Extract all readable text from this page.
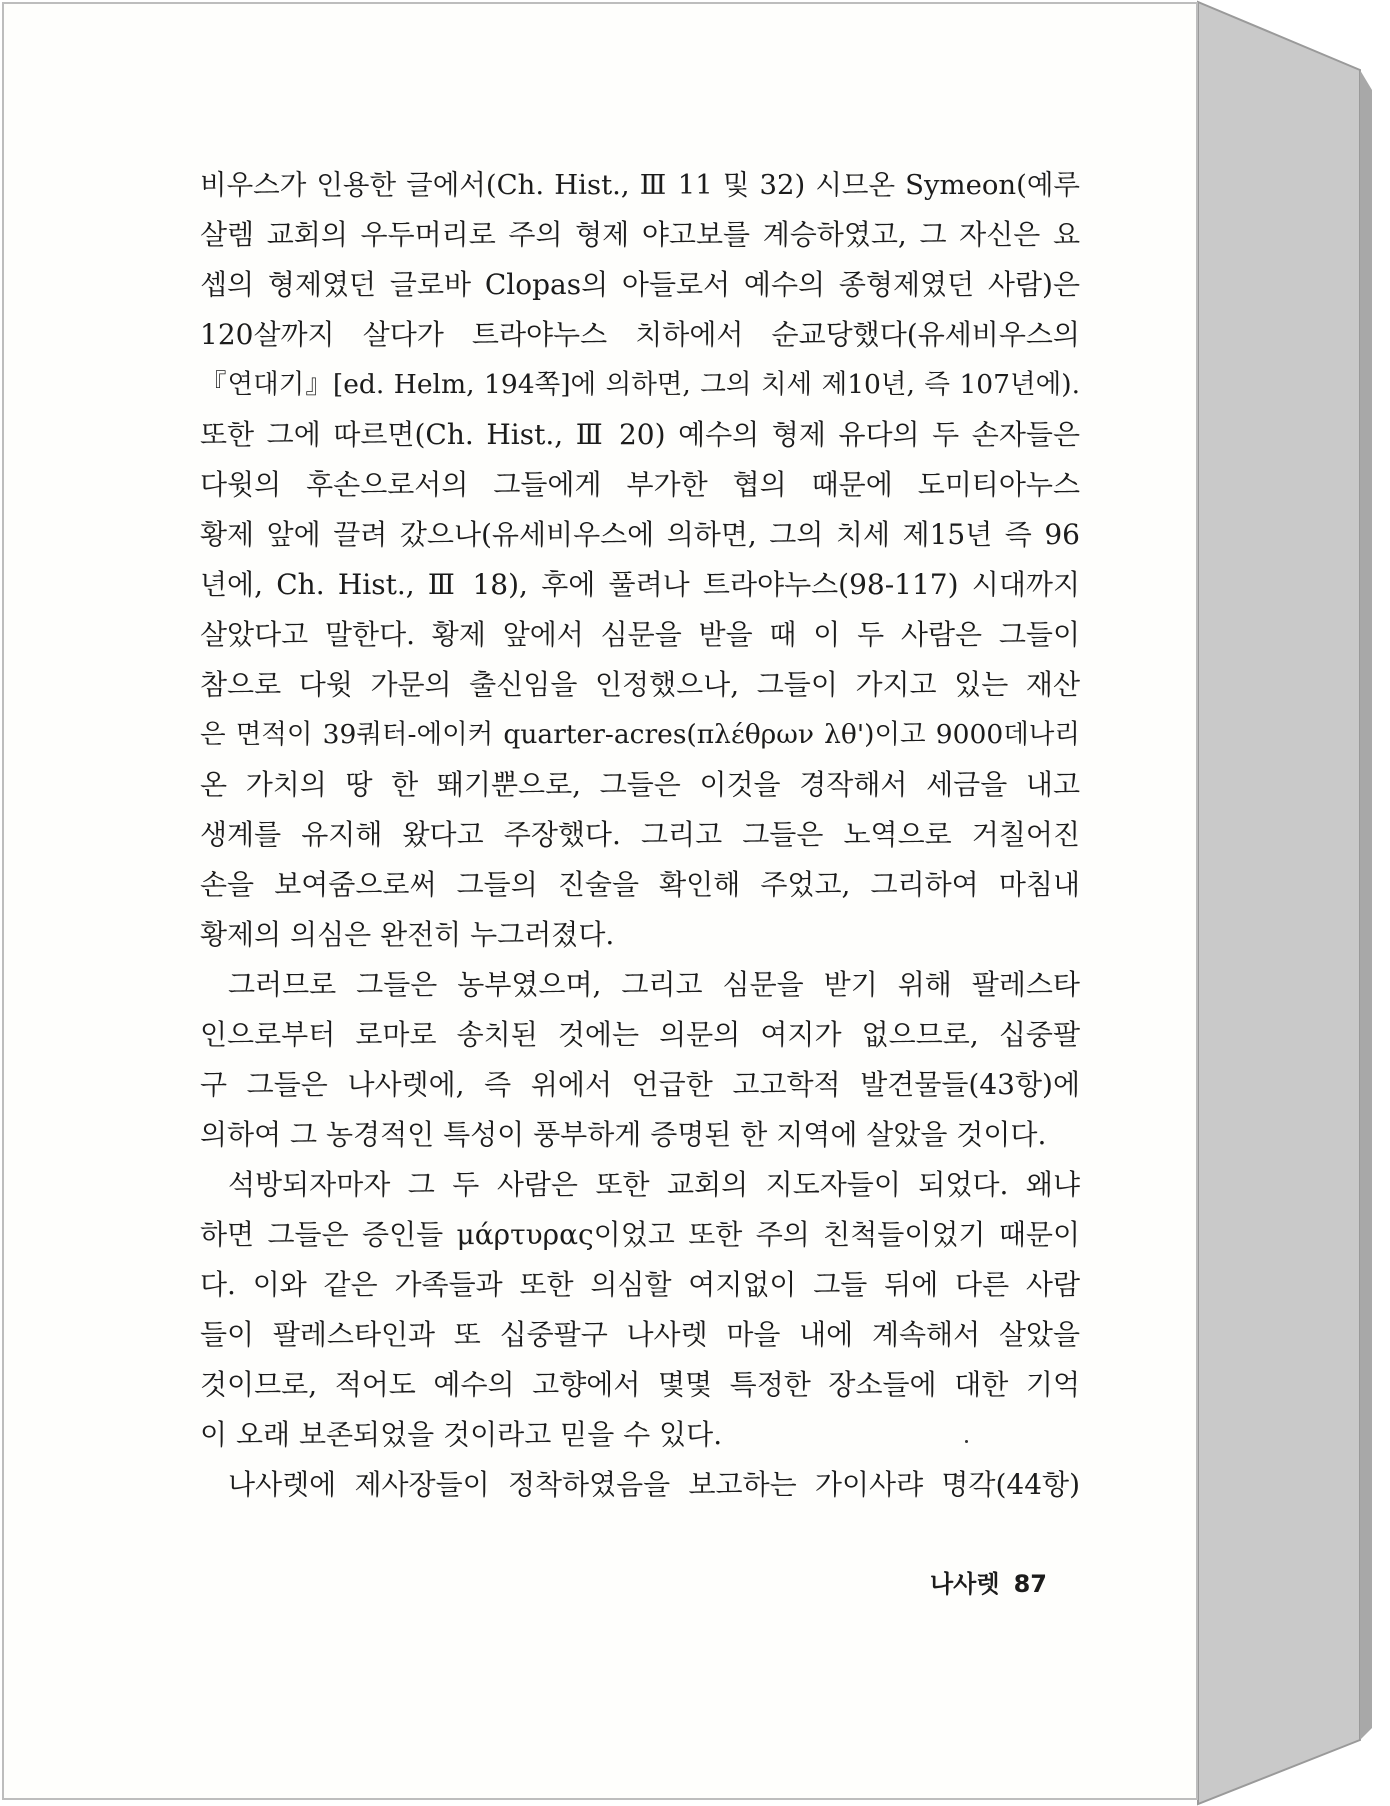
비우스가 인용한 글에서(Ch. Hist., Ⅲ 11 및 32) 시므온 Symeon(예루
살렘 교회의 우두머리로 주의 형제 야고보를 계승하였고, 그 자신은 요
셉의 형제였던 글로바 Clopas의 아들로서 예수의 종형제였던 사람)은
120살까지 살다가 트라야누스 치하에서 순교당했다(유세비우스의
『연대기』[ed. Helm, 194쪽]에 의하면, 그의 치세 제10년, 즉 107년에).
또한 그에 따르면(Ch. Hist., Ⅲ 20) 예수의 형제 유다의 두 손자들은
다윗의 후손으로서의 그들에게 부가한 협의 때문에 도미티아누스
황제 앞에 끌려 갔으나(유세비우스에 의하면, 그의 치세 제15년 즉 96
년에, Ch. Hist., Ⅲ 18), 후에 풀려나 트라야누스(98-117) 시대까지
살았다고 말한다. 황제 앞에서 심문을 받을 때 이 두 사람은 그들이
참으로 다윗 가문의 출신임을 인정했으나, 그들이 가지고 있는 재산
은 면적이 39쿼터-에이커 quarter-acres(πλέθρων λθ')이고 9000데나리
온 가치의 땅 한 뙈기뿐으로, 그들은 이것을 경작해서 세금을 내고
생계를 유지해 왔다고 주장했다. 그리고 그들은 노역으로 거칠어진
손을 보여줌으로써 그들의 진술을 확인해 주었고, 그리하여 마침내
황제의 의심은 완전히 누그러졌다.
그러므로 그들은 농부였으며, 그리고 심문을 받기 위해 팔레스타
인으로부터 로마로 송치된 것에는 의문의 여지가 없으므로, 십중팔
구 그들은 나사렛에, 즉 위에서 언급한 고고학적 발견물들(43항)에
의하여 그 농경적인 특성이 풍부하게 증명된 한 지역에 살았을 것이다.
석방되자마자 그 두 사람은 또한 교회의 지도자들이 되었다. 왜냐
하면 그들은 증인들 μάρτυρας이었고 또한 주의 친척들이었기 때문이
다. 이와 같은 가족들과 또한 의심할 여지없이 그들 뒤에 다른 사람
들이 팔레스타인과 또 십중팔구 나사렛 마을 내에 계속해서 살았을
것이므로, 적어도 예수의 고향에서 몇몇 특정한 장소들에 대한 기억
이 오래 보존되었을 것이라고 믿을 수 있다.
나사렛에 제사장들이 정착하였음을 보고하는 가이사랴 명각(44항)
나사렛 87
